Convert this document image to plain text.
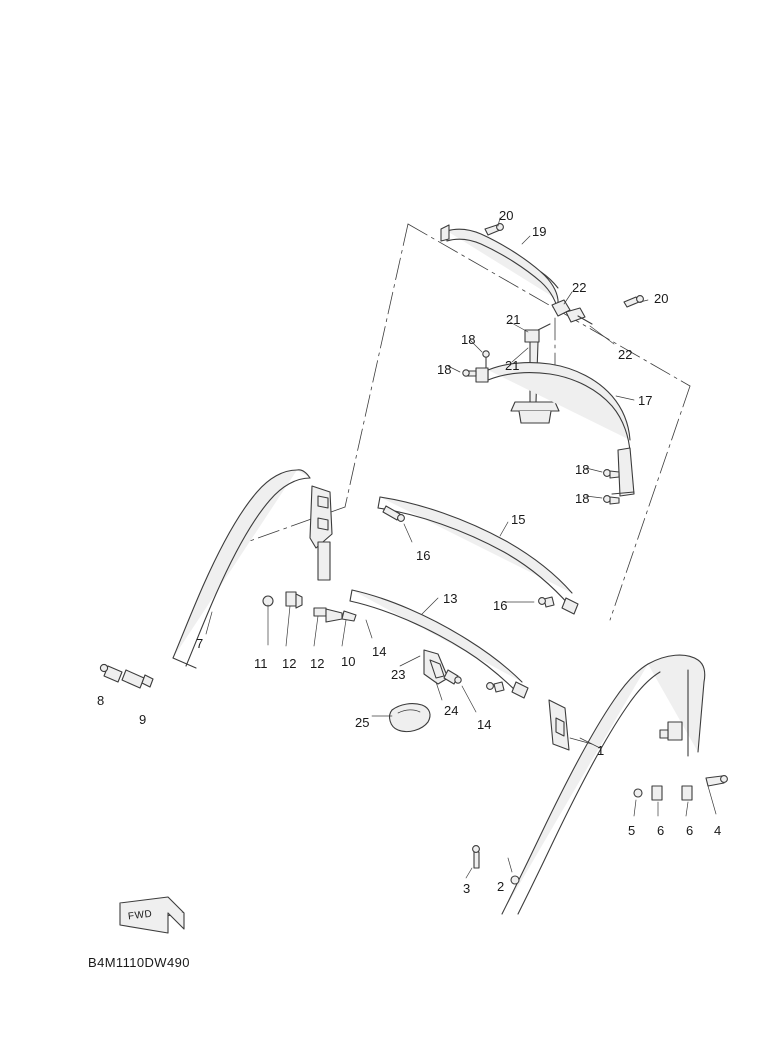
B4M1110DW490
FWD
1
2
3
4
5 6 6
7
8
9
10
11 12 12
13
14
14
15
16
16
17
18
18
18
18
19
20
20
21
21
22
22
23
24
25
